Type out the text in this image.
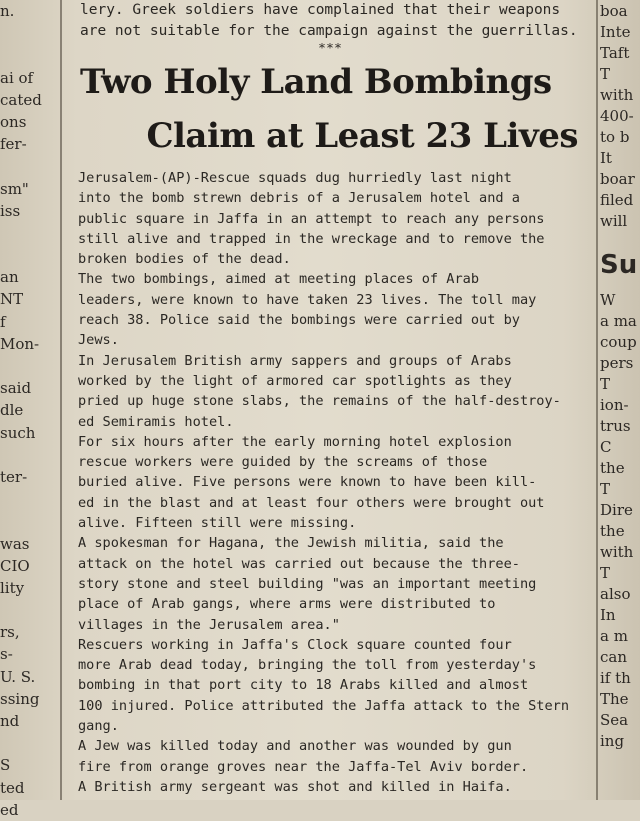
n.
ai of
cated
ons
fer-
sm"
iss
an
NT
f
Mon-
said
dle
such
ter-
was
CIO
lity
rs,
s-
U. S.
ssing
nd
S
ted
ed
lery. Greek soldiers have complained that their weapons
are not suitable for the campaign against the guerrillas.
***
Two Holy Land Bombings
Claim at Least 23 Lives
Jerusalem-(AP)-Rescue squads dug hurriedly last night
into the bomb strewn debris of a Jerusalem hotel and a
public square in Jaffa in an attempt to reach any persons
still alive and trapped in the wreckage and to remove the
broken bodies of the dead.
The two bombings, aimed at meeting places of Arab
leaders, were known to have taken 23 lives. The toll may
reach 38. Police said the bombings were carried out by
Jews.
In Jerusalem British army sappers and groups of Arabs
worked by the light of armored car spotlights as they
pried up huge stone slabs, the remains of the half-destroy-
ed Semiramis hotel.
For six hours after the early morning hotel explosion
rescue workers were guided by the screams of those
buried alive. Five persons were known to have been kill-
ed in the blast and at least four others were brought out
alive. Fifteen still were missing.
A spokesman for Hagana, the Jewish militia, said the
attack on the hotel was carried out because the three-
story stone and steel building "was an important meeting
place of Arab gangs, where arms were distributed to
villages in the Jerusalem area."
Rescuers working in Jaffa's Clock square counted four
more Arab dead today, bringing the toll from yesterday's
bombing in that port city to 18 Arabs killed and almost
100 injured. Police attributed the Jaffa attack to the Stern
gang.
A Jew was killed today and another was wounded by gun
fire from orange groves near the Jaffa-Tel Aviv border.
A British army sergeant was shot and killed in Haifa.
boa
Inte
Taft
T
with
400-
to b
It
boar
filed
will
Su
W
a ma
coup
pers
T
ion-
trus
C
the
T
Dire
the
with
T
also
In
a m
can
if th
The
Sea
ing
